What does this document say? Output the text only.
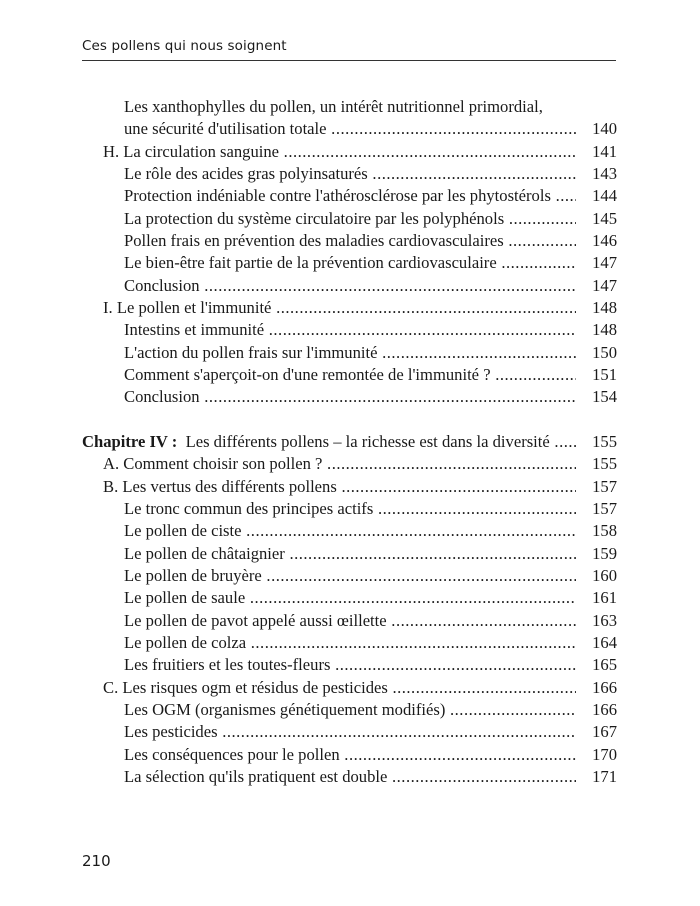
Ces pollens qui nous soignent
Les xanthophylles du pollen, un intérêt nutritionnel primordial,
une sécurité d'utilisation totale .....	140
H. La circulation sanguine .....	141
Le rôle des acides gras polyinsaturés .....	143
Protection indéniable contre l'athérosclérose par les phytostérols .....	144
La protection du système circulatoire par les polyphénols .....	145
Pollen frais en prévention des maladies cardiovasculaires .....	146
Le bien-être fait partie de la prévention cardiovasculaire .....	147
Conclusion .....	147
I. Le pollen et l'immunité .....	148
Intestins et immunité .....	148
L'action du pollen frais sur l'immunité .....	150
Comment s'aperçoit-on d'une remontée de l'immunité ? .....	151
Conclusion .....	154
Chapitre IV : Les différents pollens – la richesse est dans la diversité .....	155
A. Comment choisir son pollen ? .....	155
B. Les vertus des différents pollens .....	157
Le tronc commun des principes actifs .....	157
Le pollen de ciste .....	158
Le pollen de châtaignier .....	159
Le pollen de bruyère .....	160
Le pollen de saule .....	161
Le pollen de pavot appelé aussi œillette .....	163
Le pollen de colza .....	164
Les fruitiers et les toutes-fleurs .....	165
C. Les risques ogm et résidus de pesticides .....	166
Les OGM (organismes génétiquement modifiés) .....	166
Les pesticides .....	167
Les conséquences pour le pollen .....	170
La sélection qu'ils pratiquent est double .....	171
210
